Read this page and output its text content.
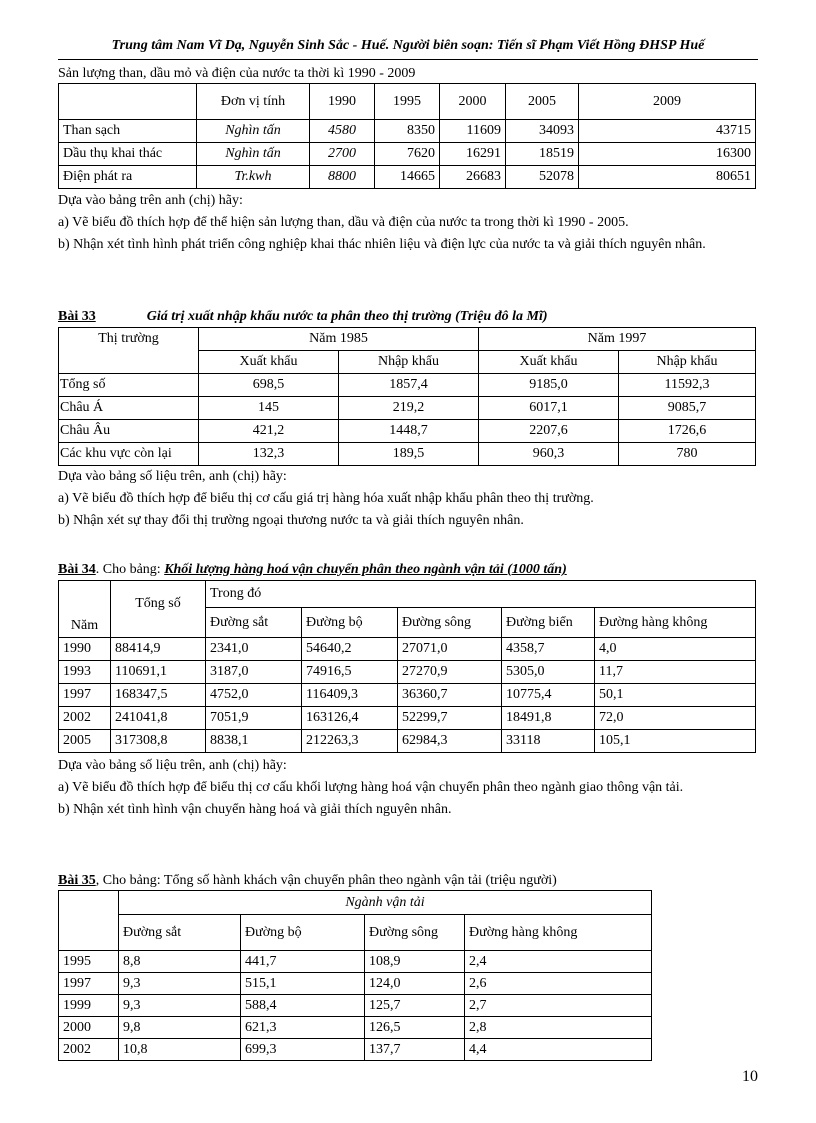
Trung tâm Nam Vĩ Dạ, Nguyễn Sinh Sắc - Huế. Người biên soạn: Tiến sĩ Phạm Viết Hồng ĐHSP Huế
Sản lượng than, dầu mỏ và điện của nước ta thời kì 1990 - 2009
	Đơn vị tính	1990	1995	2000	2005	2009
Than sạch	Nghìn tấn	4580	8350	11609	34093	43715
Dầu thụ khai thác	Nghìn tấn	2700	7620	16291	18519	16300
Điện phát ra	Tr.kwh	8800	14665	26683	52078	80651
Dựa vào bảng trên anh (chị) hãy:
a) Vẽ biểu đồ thích hợp để thể hiện sản lượng than, dầu và điện của nước ta trong thời kì 1990 - 2005.
b) Nhận xét tình hình phát triển công nghiệp khai thác nhiên liệu và điện lực của nước ta và giải thích nguyên nhân.
Bài 33	Giá trị xuất nhập khẩu nước ta phân theo thị trường (Triệu đô la Mĩ)
Thị trường	Năm 1985		Năm 1997	
	Xuất khẩu	Nhập khẩu	Xuất khẩu	Nhập khẩu
Tổng số	698,5	1857,4	9185,0	11592,3
Châu Á	145	219,2	6017,1	9085,7
Châu Âu	421,2	1448,7	2207,6	1726,6
Các khu vực còn lại	132,3	189,5	960,3	780
Dựa vào bảng số liệu trên, anh (chị) hãy:
a) Vẽ biểu đồ thích hợp để biểu thị cơ cấu giá trị hàng hóa xuất nhập khẩu phân theo thị trường.
b) Nhận xét sự thay đổi thị trường ngoại thương nước ta và giải thích nguyên nhân.
Bài 34. Cho bảng: Khối lượng hàng hoá vận chuyển phân theo ngành vận tải (1000 tấn)
Năm	Tổng số	Trong đó				
		Đường sắt	Đường bộ	Đường sông	Đường biển	Đường hàng không
1990	88414,9	2341,0	54640,2	27071,0	4358,7	4,0
1993	110691,1	3187,0	74916,5	27270,9	5305,0	11,7
1997	168347,5	4752,0	116409,3	36360,7	10775,4	50,1
2002	241041,8	7051,9	163126,4	52299,7	18491,8	72,0
2005	317308,8	8838,1	212263,3	62984,3	33118	105,1
Dựa vào bảng số liệu trên, anh (chị) hãy:
a) Vẽ biểu đồ thích hợp để biểu thị cơ cấu khối lượng hàng hoá vận chuyển phân theo ngành giao thông vận tải.
b) Nhận xét tình hình vận chuyển hàng hoá và giải thích nguyên nhân.
Bài 35, Cho bảng: Tổng số hành khách vận chuyển phân theo ngành vận tải (triệu người)
	Ngành vận tải			
	Đường sắt	Đường bộ	Đường sông	Đường hàng không
1995	8,8	441,7	108,9	2,4
1997	9,3	515,1	124,0	2,6
1999	9,3	588,4	125,7	2,7
2000	9,8	621,3	126,5	2,8
2002	10,8	699,3	137,7	4,4
10
